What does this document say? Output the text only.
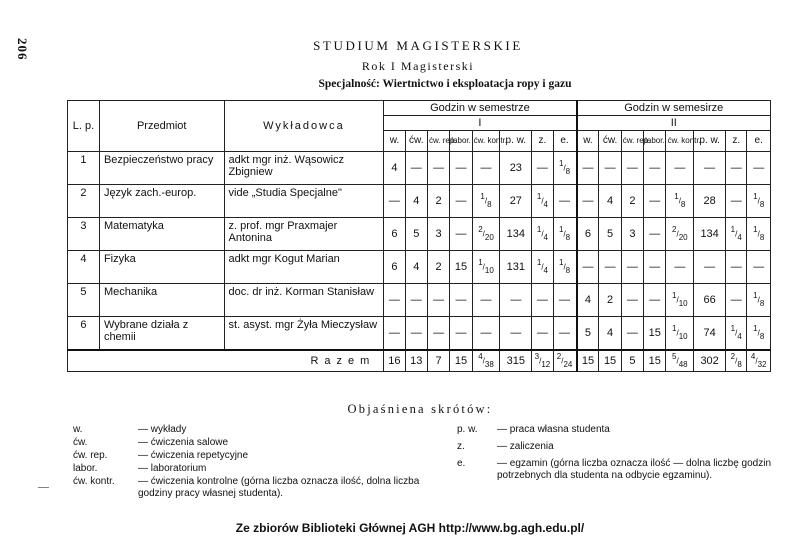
206	STUDIUM MAGISTERSKIE
Rok I Magisterski
Specjalność: Wiertnictwo i eksploatacja ropy i gazu
L. p.	Przedmiot	Wykładowca	Godzin w semestrze								Godzin w semesirze							
			I								II							
			w.	ćw.	ćw. rep.	labor.	ćw. kontr.	p. w.	z.	e.	w.	ćw.	ćw. rep.	labor.	ćw. kontr.	p. w.	z.	e.
1	Bezpieczeństwo pracy	adkt mgr inż. Wąsowicz Zbigniew	4	—	—	—	—	23	—	$^1/_8$	—	—	—	—	—	—	—	—
2	Język zach.-europ.	vide „Studia Specjalne"	—	4	2	—	$^1/_8$	27	$^1/_4$	—	—	4	2	—	$^1/_8$	28	—	$^1/_8$
3	Matematyka	z. prof. mgr Praxmajer Antonina	6	5	3	—	$^2/_{20}$	134	$^1/_4$	$^1/_8$	6	5	3	—	$^2/_{20}$	134	$^1/_4$	$^1/_8$
4	Fizyka	adkt mgr Kogut Marian	6	4	2	15	$^1/_{10}$	131	$^1/_4$	$^1/_8$	—	—	—	—	—	—	—	—
5	Mechanika	doc. dr inż. Korman Stanisław	—	—	—	—	—	—	—	—	4	2	—	—	$^1/_{10}$	66	—	$^1/_8$
6	Wybrane działa z chemii	st. asyst. mgr Żyła Mieczysław	—	—	—	—	—	—	—	—	5	4	—	15	$^1/_{10}$	74	$^1/_4$	$^1/_8$
Razem			16	13	7	15	$^4/_{38}$	315	$^3/_{12}$	$^2/_{24}$	15	15	5	15	$^5/_{48}$	302	$^2/_8$	$^4/_{32}$
Objaśniena skrótów:
w.	— wykłady
ćw.	— ćwiczenia salowe
ćw. rep.	— ćwiczenia repetycyjne
labor.	— laboratorium
ćw. kontr.	— ćwiczenia kontrolne (górna liczba oznacza ilość, dolna liczba godziny pracy własnej studenta).
p. w.	— praca własna studenta
z.	— zaliczenia
e.	— egzamin (górna liczba oznacza ilość — dolna liczbę godzin potrzebnych dla studenta na odbycie egzaminu).
—
Ze zbiorów Biblioteki Głównej AGH http://www.bg.agh.edu.pl/
